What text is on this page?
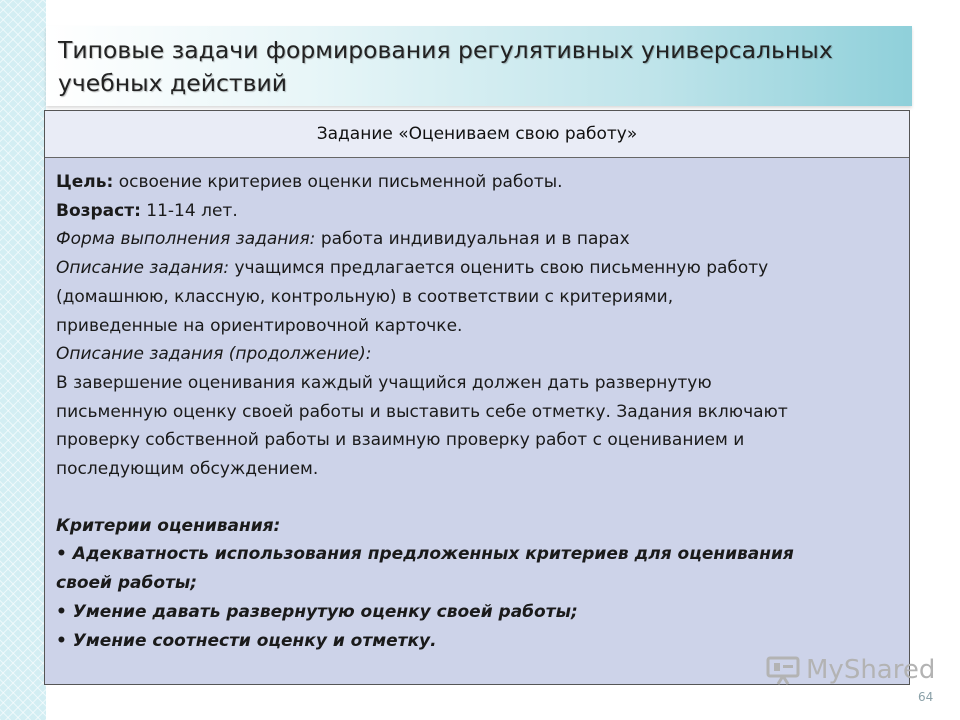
Типовые задачи формирования регулятивных универсальных
учебных действий
Задание «Оцениваем свою работу»
Цель: освоение критериев оценки письменной работы.
Возраст: 11-14 лет.
Форма выполнения задания: работа индивидуальная и в парах
Описание задания: учащимся предлагается оценить свою письменную работу
(домашнюю, классную, контрольную) в соответствии с критериями,
приведенные на ориентировочной карточке.
Описание задания (продолжение):
В завершение оценивания каждый учащийся должен дать развернутую
письменную оценку своей работы и выставить себе отметку. Задания включают
проверку собственной работы и взаимную проверку работ с оцениванием и
последующим обсуждением.
Критерии оценивания:
• Адекватность использования предложенных критериев для оценивания
своей работы;
• Умение давать развернутую оценку своей работы;
• Умение соотнести оценку и отметку.
MyShared
64
